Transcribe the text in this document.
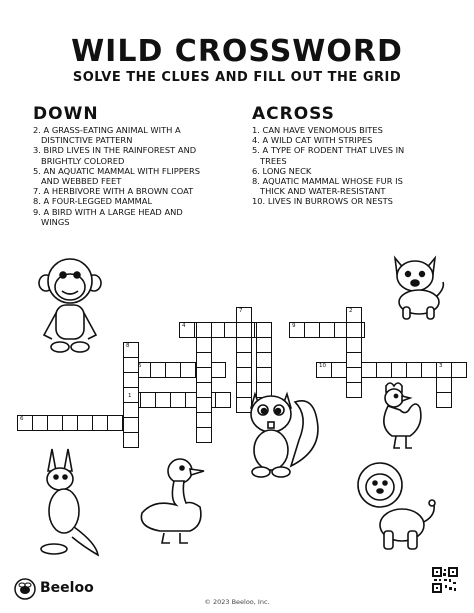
WILD CROSSWORD
SOLVE THE CLUES AND FILL OUT THE GRID
DOWN
2. A GRASS-EATING ANIMAL WITH A
DISTINCTIVE PATTERN
3. BIRD LIVES IN THE RAINFOREST AND
BRIGHTLY COLORED
5. AN AQUATIC MAMMAL WITH FLIPPERS
AND WEBBED FEET
7. A HERBIVORE WITH A BROWN COAT
8. A FOUR-LEGGED MAMMAL
9. A BIRD WITH A LARGE HEAD AND
WINGS
ACROSS
1. CAN HAVE VENOMOUS BITES
4. A WILD CAT WITH STRIPES
5. A TYPE OF RODENT THAT LIVES IN
TREES
6. LONG NECK
8. AQUATIC MAMMAL WHOSE FUR IS
THICK AND WATER-RESISTANT
10. LIVES IN BURROWS OR NESTS
1
2
3
4
5
6
7
8
9
10
Beeloo
© 2023 Beeloo, Inc.
